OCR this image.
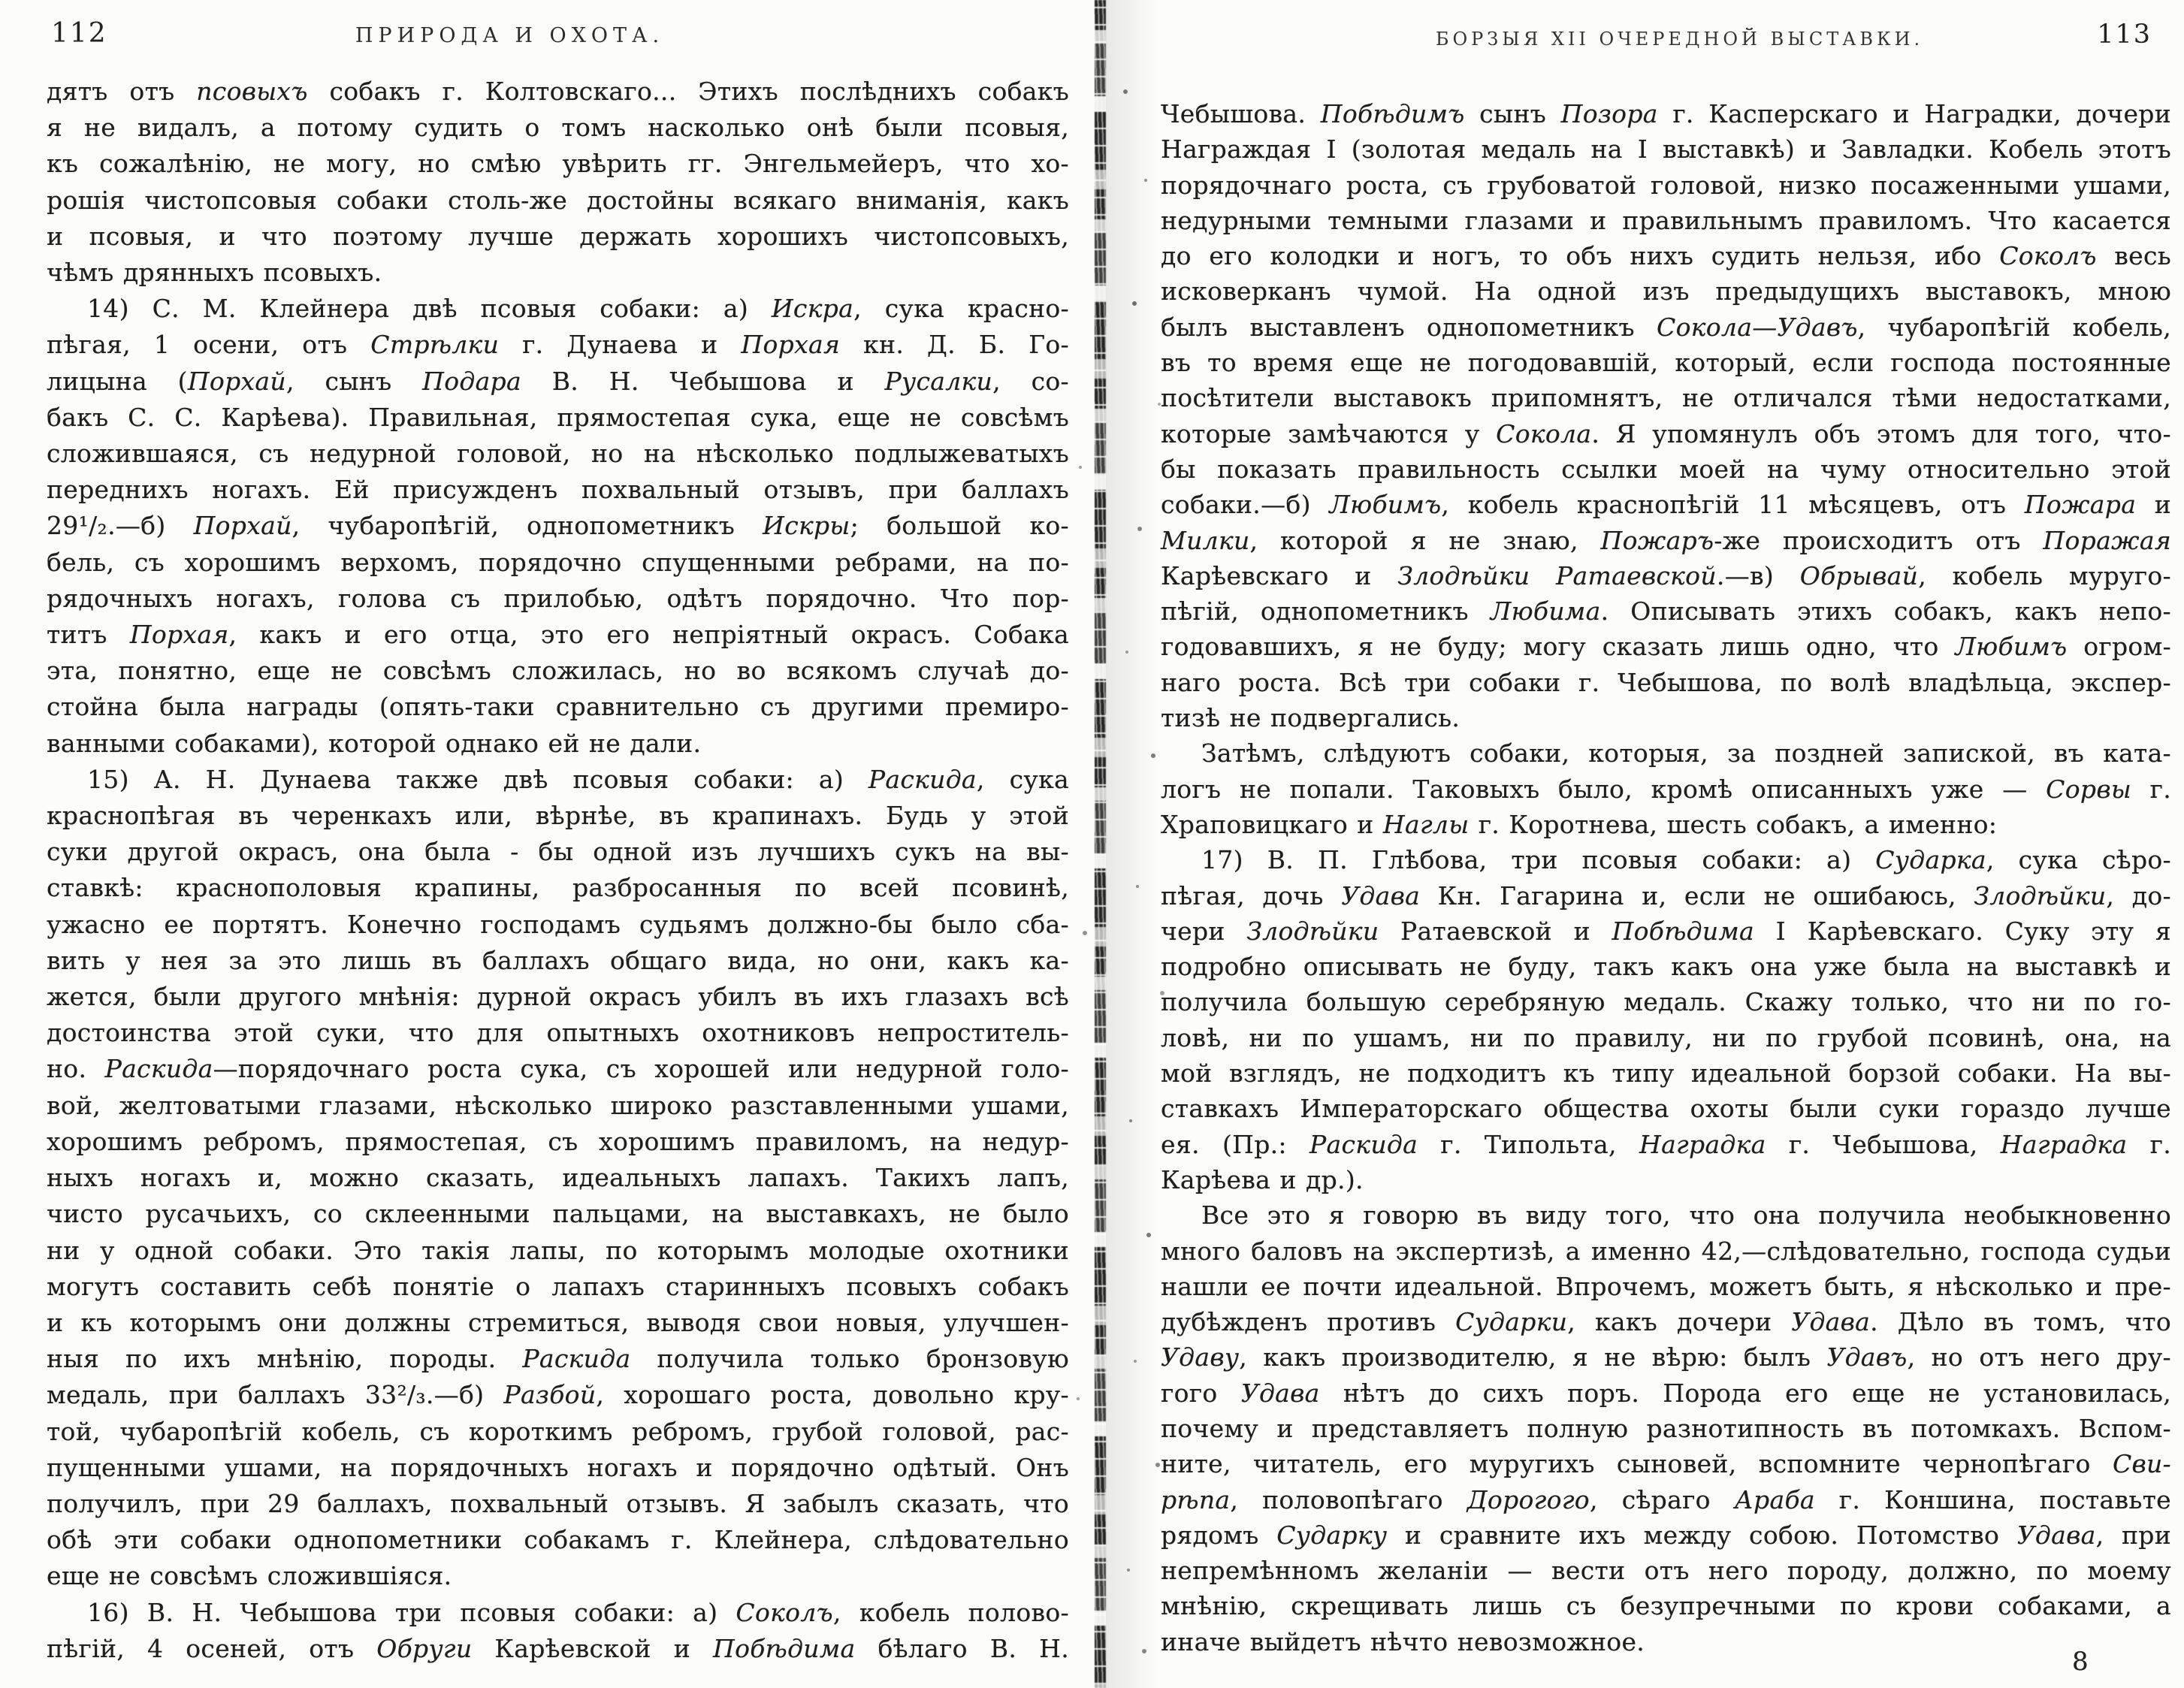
112	ПРИРОДА И ОХОТА.
дятъ отъ псовыхъ собакъ г. Колтовскаго... Этихъ послѣднихъ собакъ
я не видалъ, а потому судить о томъ насколько онѣ были псовыя,
къ сожалѣнію, не могу, но смѣю увѣрить гг. Энгельмейеръ, что хо-
рошія чистопсовыя собаки столь-же достойны всякаго вниманія, какъ
и псовыя, и что поэтому лучше держать хорошихъ чистопсовыхъ,
чѣмъ дрянныхъ псовыхъ.
14) С. М. Клейнера двѣ псовыя собаки: а) Искра, сука красно-
пѣгая, 1 осени, отъ Стрѣлки г. Дунаева и Порхая кн. Д. Б. Го-
лицына (Порхай, сынъ Подара В. Н. Чебышова и Русалки, со-
бакъ С. С. Карѣева). Правильная, прямостепая сука, еще не совсѣмъ
сложившаяся, съ недурной головой, но на нѣсколько подлыжеватыхъ
переднихъ ногахъ. Ей присужденъ похвальный отзывъ, при баллахъ
29¹/₂.—б) Порхай, чубаропѣгій, однопометникъ Искры; большой ко-
бель, съ хорошимъ верхомъ, порядочно спущенными ребрами, на по-
рядочныхъ ногахъ, голова съ прилобью, одѣтъ порядочно. Что пор-
титъ Порхая, какъ и его отца, это его непріятный окрасъ. Собака
эта, понятно, еще не совсѣмъ сложилась, но во всякомъ случаѣ до-
стойна была награды (опять-таки сравнительно съ другими премиро-
ванными собаками), которой однако ей не дали.
15) А. Н. Дунаева также двѣ псовыя собаки: а) Раскида, сука
краснопѣгая въ черенкахъ или, вѣрнѣе, въ крапинахъ. Будь у этой
суки другой окрасъ, она была - бы одной изъ лучшихъ сукъ на вы-
ставкѣ: краснополовыя крапины, разбросанныя по всей псовинѣ,
ужасно ее портятъ. Конечно господамъ судьямъ должно-бы было сба-
вить у нея за это лишь въ баллахъ общаго вида, но они, какъ ка-
жется, были другого мнѣнія: дурной окрасъ убилъ въ ихъ глазахъ всѣ
достоинства этой суки, что для опытныхъ охотниковъ непроститель-
но. Раскида—порядочнаго роста сука, съ хорошей или недурной голо-
вой, желтоватыми глазами, нѣсколько широко разставленными ушами,
хорошимъ ребромъ, прямостепая, съ хорошимъ правиломъ, на недур-
ныхъ ногахъ и, можно сказать, идеальныхъ лапахъ. Такихъ лапъ,
чисто русачьихъ, со склеенными пальцами, на выставкахъ, не было
ни у одной собаки. Это такія лапы, по которымъ молодые охотники
могутъ составить себѣ понятіе о лапахъ старинныхъ псовыхъ собакъ
и къ которымъ они должны стремиться, выводя свои новыя, улучшен-
ныя по ихъ мнѣнію, породы. Раскида получила только бронзовую
медаль, при баллахъ 33²/₃.—б) Разбой, хорошаго роста, довольно кру-
той, чубаропѣгій кобель, съ короткимъ ребромъ, грубой головой, рас-
пущенными ушами, на порядочныхъ ногахъ и порядочно одѣтый. Онъ
получилъ, при 29 баллахъ, похвальный отзывъ. Я забылъ сказать, что
обѣ эти собаки однопометники собакамъ г. Клейнера, слѣдовательно
еще не совсѣмъ сложившіяся.
16) В. Н. Чебышова три псовыя собаки: а) Соколъ, кобель полово-
пѣгій, 4 осеней, отъ Обруги Карѣевской и Побѣдима бѣлаго В. Н.
113
БОРЗЫЯ XII ОЧЕРЕДНОЙ ВЫСТАВКИ.
Чебышова. Побѣдимъ сынъ Позора г. Касперскаго и Наградки, дочери
Награждая I (золотая медаль на I выставкѣ) и Завладки. Кобель этотъ
порядочнаго роста, съ грубоватой головой, низко посаженными ушами,
недурными темными глазами и правильнымъ правиломъ. Что касается
до его колодки и ногъ, то объ нихъ судить нельзя, ибо Соколъ весь
исковерканъ чумой. На одной изъ предыдущихъ выставокъ, мною
былъ выставленъ однопометникъ Сокола—Удавъ, чубаропѣгій кобель,
въ то время еще не погодовавшій, который, если господа постоянные
посѣтители выставокъ припомнятъ, не отличался тѣми недостатками,
которые замѣчаются у Сокола. Я упомянулъ объ этомъ для того, что-
бы показать правильность ссылки моей на чуму относительно этой
собаки.—б) Любимъ, кобель краснопѣгій 11 мѣсяцевъ, отъ Пожара и
Милки, которой я не знаю, Пожаръ-же происходитъ отъ Поражая
Карѣевскаго и Злодѣйки Ратаевской.—в) Обрывай, кобель муруго-
пѣгій, однопометникъ Любима. Описывать этихъ собакъ, какъ непо-
годовавшихъ, я не буду; могу сказать лишь одно, что Любимъ огром-
наго роста. Всѣ три собаки г. Чебышова, по волѣ владѣльца, экспер-
тизѣ не подвергались.
Затѣмъ, слѣдуютъ собаки, которыя, за поздней запиской, въ ката-
логъ не попали. Таковыхъ было, кромѣ описанныхъ уже — Сорвы г.
Храповицкаго и Наглы г. Коротнева, шесть собакъ, а именно:
17) В. П. Глѣбова, три псовыя собаки: а) Сударка, сука сѣро-
пѣгая, дочь Удава Кн. Гагарина и, если не ошибаюсь, Злодѣйки, до-
чери Злодѣйки Ратаевской и Побѣдима I Карѣевскаго. Суку эту я
подробно описывать не буду, такъ какъ она уже была на выставкѣ и
получила большую серебряную медаль. Скажу только, что ни по го-
ловѣ, ни по ушамъ, ни по правилу, ни по грубой псовинѣ, она, на
мой взглядъ, не подходитъ къ типу идеальной борзой собаки. На вы-
ставкахъ Императорскаго общества охоты были суки гораздо лучше
ея. (Пр.: Раскида г. Типольта, Наградка г. Чебышова, Наградка г.
Карѣева и др.).
Все это я говорю въ виду того, что она получила необыкновенно
много баловъ на экспертизѣ, а именно 42,—слѣдовательно, господа судьи
нашли ее почти идеальной. Впрочемъ, можетъ быть, я нѣсколько и пре-
дубѣжденъ противъ Сударки, какъ дочери Удава. Дѣло въ томъ, что
Удаву, какъ производителю, я не вѣрю: былъ Удавъ, но отъ него дру-
гого Удава нѣтъ до сихъ поръ. Порода его еще не установилась,
почему и представляетъ полную разнотипность въ потомкахъ. Вспом-
ните, читатель, его муругихъ сыновей, вспомните чернопѣгаго Сви-
рѣпа, половопѣгаго Дорогого, сѣраго Араба г. Коншина, поставьте
рядомъ Сударку и сравните ихъ между собою. Потомство Удава, при
непремѣнномъ желаніи — вести отъ него породу, должно, по моему
мнѣнію, скрещивать лишь съ безупречными по крови собаками, а
иначе выйдетъ нѣчто невозможное.
8
